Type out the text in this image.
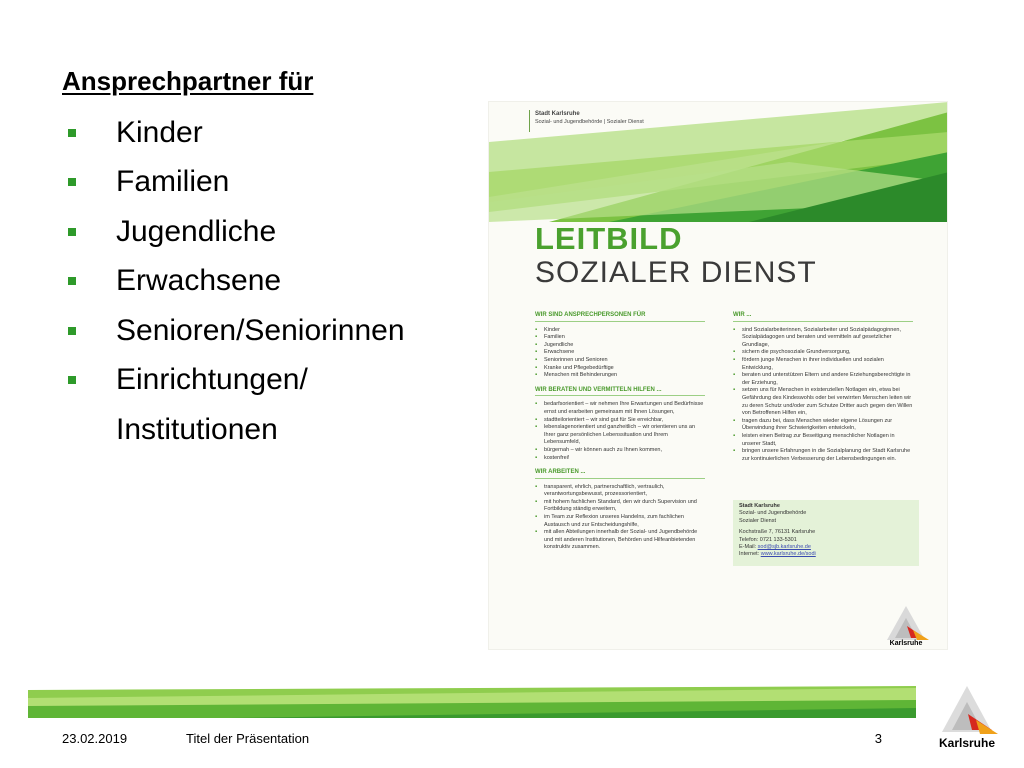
Ansprechpartner für
Kinder
Familien
Jugendliche
Erwachsene
Senioren/Seniorinnen
Einrichtungen/
Institutionen
Stadt Karlsruhe
Sozial- und Jugendbehörde | Sozialer Dienst
LEITBILD
SOZIALER DIENST
WIR SIND ANSPRECHPERSONEN FÜR
▪ Kinder
▪ Familien
▪ Jugendliche
▪ Erwachsene
▪ Seniorinnen und Senioren
▪ Kranke und Pflegebedürftige
▪ Menschen mit Behinderungen
WIR BERATEN UND VERMITTELN HILFEN ...
▪ bedarfsorientiert – wir nehmen Ihre Erwartungen und Bedürfnisse ernst und erarbeiten gemeinsam mit Ihnen Lösungen,
▪ stadtteilorientiert – wir sind gut für Sie erreichbar,
▪ lebenslagenorientiert und ganzheitlich – wir orientieren uns an Ihrer ganz persönlichen Lebenssituation und Ihrem Lebensumfeld,
▪ bürgernah – wir können auch zu Ihnen kommen,
▪ kostenfrei!
WIR ARBEITEN ...
▪ transparent, ehrlich, partnerschaftlich, vertraulich, verantwortungsbewusst, prozessorientiert,
▪ mit hohem fachlichen Standard, den wir durch Supervision und Fortbildung ständig erweitern,
▪ im Team zur Reflexion unseres Handelns, zum fachlichen Austausch und zur Entscheidungshilfe,
▪ mit allen Abteilungen innerhalb der Sozial- und Jugendbehörde und mit anderen Institutionen, Behörden und Hilfeanbietenden konstruktiv zusammen.
WIR ...
▪ sind Sozialarbeiterinnen, Sozialarbeiter und Sozialpädagoginnen, Sozialpädagogen und beraten und vermitteln auf gesetzlicher Grundlage,
▪ sichern die psychosoziale Grundversorgung,
▪ fördern junge Menschen in ihrer individuellen und sozialen Entwicklung,
▪ beraten und unterstützen Eltern und andere Erziehungsberechtigte in der Erziehung,
▪ setzen uns für Menschen in existenziellen Notlagen ein, etwa bei Gefährdung des Kindeswohls oder bei verwirrten Menschen leiten wir zu deren Schutz und/oder zum Schutze Dritter auch gegen den Willen von Betroffenen Hilfen ein,
▪ tragen dazu bei, dass Menschen wieder eigene Lösungen zur Überwindung ihrer Schwierigkeiten entwickeln,
▪ leisten einen Beitrag zur Beseitigung menschlicher Notlagen in unserer Stadt,
▪ bringen unsere Erfahrungen in die Sozialplanung der Stadt Karlsruhe zur kontinuierlichen Verbesserung der Lebensbedingungen ein.
Stadt Karlsruhe
Sozial- und Jugendbehörde
Sozialer Dienst
Kochstraße 7, 76131 Karlsruhe
Telefon: 0721 133-5301
E-Mail: sod@sjb.karlsruhe.de
Internet: www.karlsruhe.de/sodi
Karlsruhe
23.02.2019	Titel der Präsentation	3	Karlsruhe
